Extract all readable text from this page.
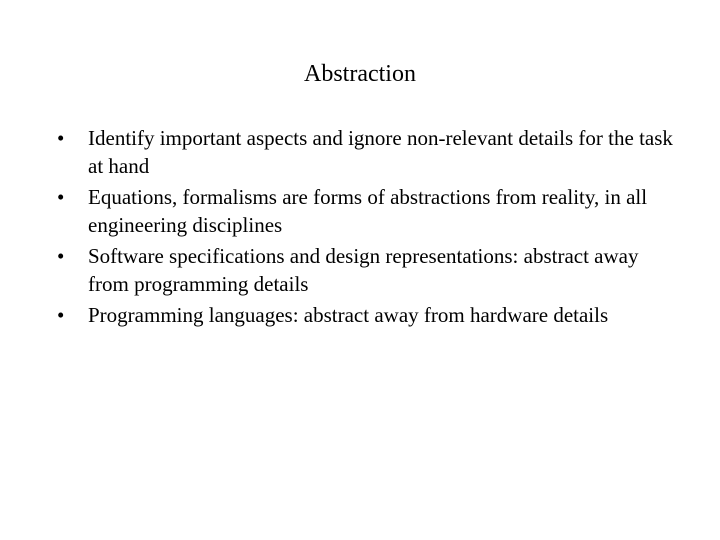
Abstraction
•	Identify important aspects and ignore non-relevant details for the task at hand
•	Equations, formalisms are forms of abstractions from reality, in all engineering disciplines
•	Software specifications and design representations: abstract away from programming details
•	Programming languages: abstract away from hardware details
